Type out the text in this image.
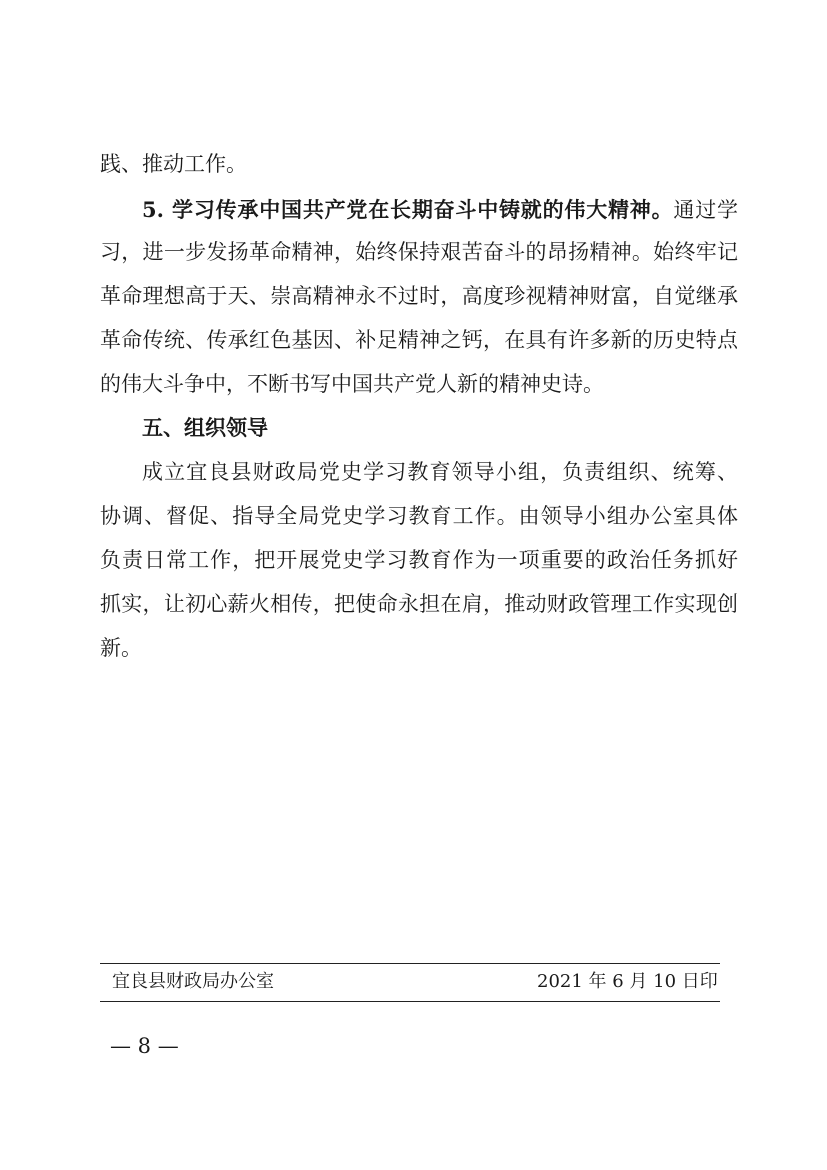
践、推动工作。
5. 学习传承中国共产党在长期奋斗中铸就的伟大精神。通过学
习，进一步发扬革命精神，始终保持艰苦奋斗的昂扬精神。始终牢记
革命理想高于天、崇高精神永不过时，高度珍视精神财富，自觉继承
革命传统、传承红色基因、补足精神之钙，在具有许多新的历史特点
的伟大斗争中，不断书写中国共产党人新的精神史诗。
五、组织领导
成立宜良县财政局党史学习教育领导小组，负责组织、统筹、
协调、督促、指导全局党史学习教育工作。由领导小组办公室具体
负责日常工作，把开展党史学习教育作为一项重要的政治任务抓好
抓实，让初心薪火相传，把使命永担在肩，推动财政管理工作实现创
新。
宜良县财政局办公室	2021 年 6 月 10 日印
— 8 —
